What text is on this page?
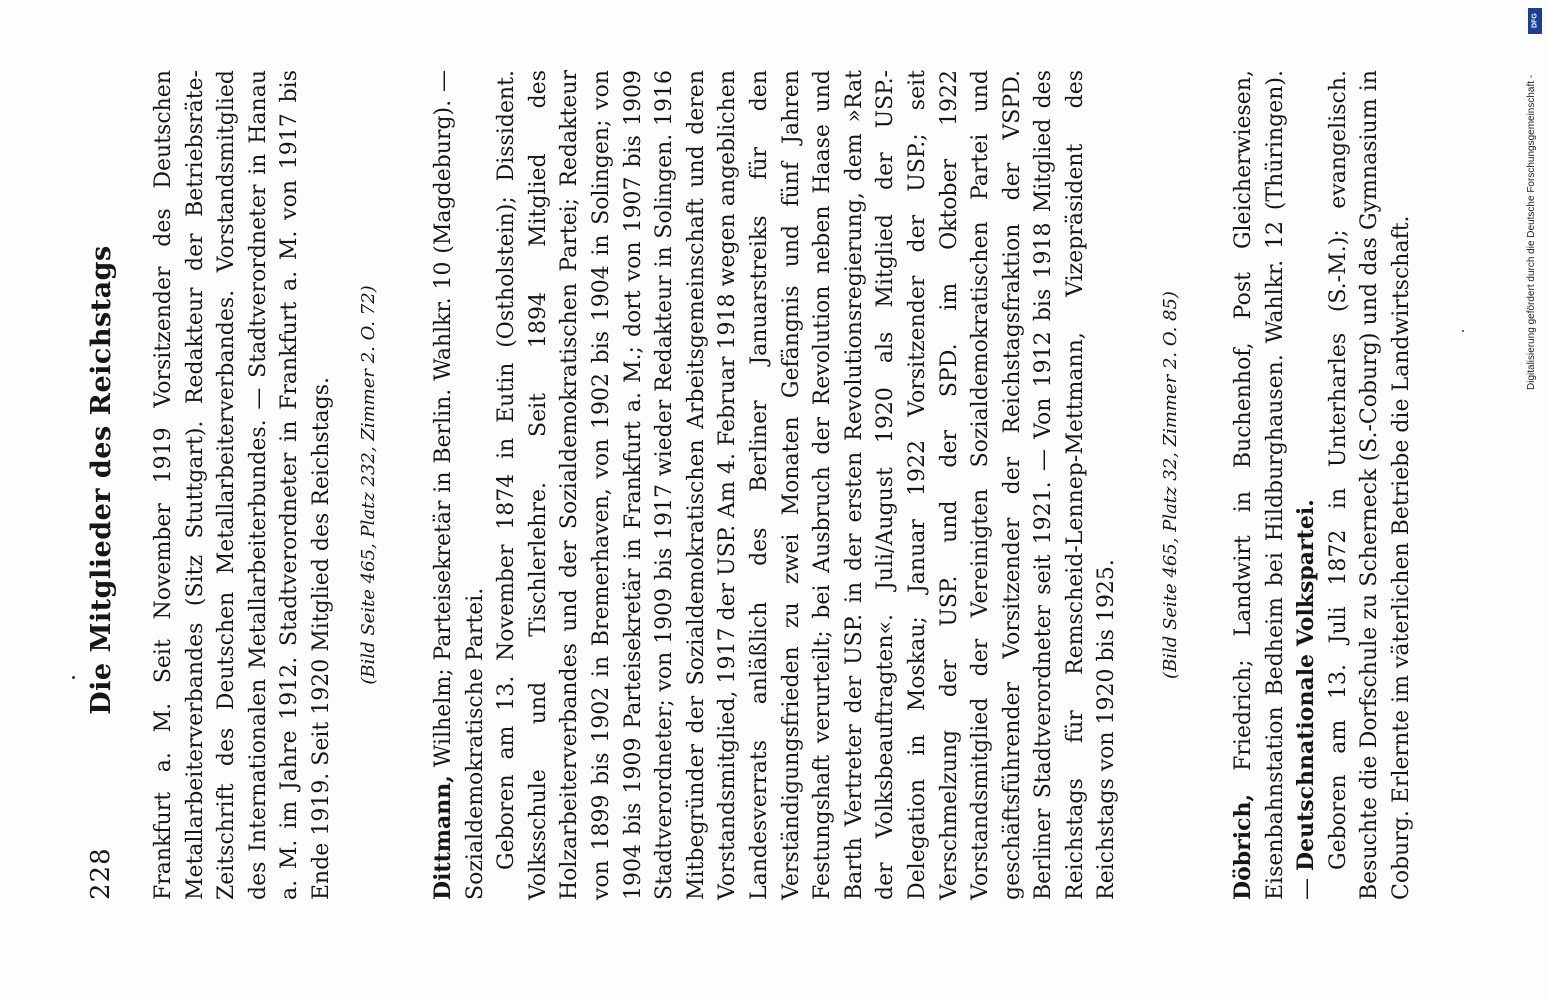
228
Die Mitglieder des Reichstags Frankfurt a. M. Seit November 1919 Vorsitzender des Deutschen Metallarbeiterverbandes (Sitz Stuttgart). Redakteur der Betriebsräte-Zeitschrift des Deutschen Metallarbeiterverbandes. Vorstandsmitglied des Internationalen Metallarbeiterbundes. — Stadtverordneter in Hanau a. M. im Jahre 1912. Stadtverordneter in Frankfurt a. M. von 1917 bis Ende 1919. Seit 1920 Mitglied des Reichstags. (Bild Seite 465, Platz 232, Zimmer 2. O. 72)

Dittmann, Wilhelm; Parteisekretär in Berlin. Wahlkr. 10 (Magdeburg). — Sozialdemokratische Partei. Geboren am 13. November 1874 in Eutin (Ostholstein); Dissident. Volksschule und Tischlerlehre. Seit 1894 Mitglied des Holzarbeiterverbandes und der Sozialdemokratischen Partei; Redakteur von 1899 bis 1902 in Bremerhaven, von 1902 bis 1904 in Solingen; von 1904 bis 1909 Parteisekretär in Frankfurt a. M.; dort von 1907 bis 1909 Stadtverordneter; von 1909 bis 1917 wieder Redakteur in Solingen. 1916 Mitbegründer der Sozialdemokratischen Arbeitsgemeinschaft und deren Vorstandsmitglied, 1917 der USP. Am 4. Februar 1918 wegen angeblichen Landesverrats anläßlich des Berliner Januarstreiks für den Verständigungsfrieden zu zwei Monaten Gefängnis und fünf Jahren Festungshaft verurteilt; bei Ausbruch der Revolution neben Haase und Barth Vertreter der USP. in der ersten Revolutionsregierung, dem »Rat der Volksbeauftragten«. Juli/August 1920 als Mitglied der USP.-Delegation in Moskau; Januar 1922 Vorsitzender der USP.; seit Verschmelzung der USP. und der SPD. im Oktober 1922 Vorstandsmitglied der Vereinigten Sozialdemokratischen Partei und geschäftsführender Vorsitzender der Reichstagsfraktion der VSPD. Berliner Stadtverordneter seit 1921. — Von 1912 bis 1918 Mitglied des Reichstags für Remscheid-Lennep-Mettmann, Vizepräsident des Reichstags von 1920 bis 1925.

(Bild Seite 465, Platz 32, Zimmer 2. O. 85)

Döbrich, Friedrich; Landwirt in Buchenhof, Post Gleicherwiesen, Eisenbahnstation Bedheim bei Hildburghausen. Wahlkr. 12 (Thüringen). — Deutschnationale Volkspartei. Geboren am 13. Juli 1872 in Unterharles (S.-M.); evangelisch. Besuchte die Dorfschule zu Scherneck (S.-Coburg) und das Gymnasium in Coburg. Erlernte im väterlichen Betriebe die Landwirtschaft.

DFG
Digitalisierung gefördert durch die Deutsche Forschungsgemeinschaft -
